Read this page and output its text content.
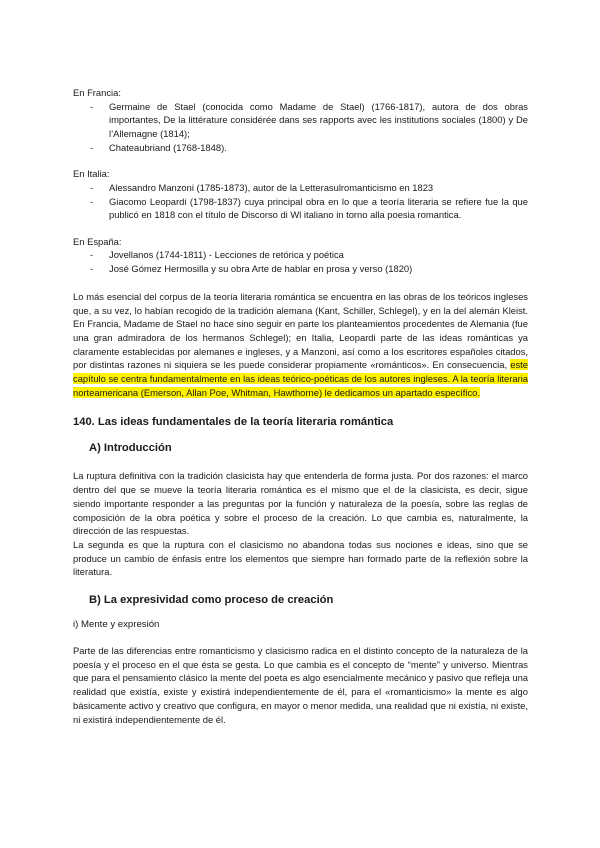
En Francia:
- Germaine de Stael (conocida como Madame de Stael) (1766-1817), autora de dos obras importantes, De la littérature considérée dans ses rapports avec les institutions sociales (1800) y De l’Allemagne (1814);
- Chateaubriand (1768-1848).
En Italia:
- Alessandro Manzoni (1785-1873), autor de la Letterasulromanticismo en 1823
- Giacomo Leopardi (1798-1837) cuya principal obra en lo que a teoría literaria se refiere fue la que publicó en 1818 con el título de Discorso di Wl italiano in torno alla poesia romantica.
En España:
- Jovellanos (1744-1811) - Lecciones de retórica y poética
- José Gómez Hermosilla y su obra Arte de hablar en prosa y verso (1820)

Lo más esencial del corpus de la teoría literaria romántica se encuentra en las obras de los teóricos ingleses que, a su vez, lo habían recogido de la tradición alemana (Kant, Schiller, Schlegel), y en la del alemán Kleist. En Francia, Madame de Stael no hace sino seguir en parte los planteamientos procedentes de Alemania (fue una gran admiradora de los hermanos Schlegel); en Italia, Leopardi parte de las ideas románticas ya claramente establecidas por alemanes e ingleses, y a Manzoni, así como a los escritores españoles citados, por distintas razones ni siquiera se les puede considerar propiamente «románticos». En consecuencia, este capítulo se centra fundamentalmente en las ideas teórico-poéticas de los autores ingleses. A la teoría literaria norteamericana (Emerson, Allan Poe, Whitman, Hawthorne) le dedicamos un apartado específico.

140. Las ideas fundamentales de la teoría literaria romántica
A) Introducción

La ruptura definitiva con la tradición clasicista hay que entenderla de forma justa. Por dos razones: el marco dentro del que se mueve la teoría literaria romántica es el mismo que el de la clasicista, es decir, sigue siendo importante responder a las preguntas por la función y naturaleza de la poesía, sobre las reglas de composición de la obra poética y sobre el proceso de la creación. Lo que cambia es, naturalmente, la dirección de las respuestas.

La segunda es que la ruptura con el clasicismo no abandona todas sus nociones e ideas, sino que se produce un cambio de énfasis entre los elementos que siempre han formado parte de la reflexión sobre la literatura.

B) La expresividad como proceso de creación
i) Mente y expresión

Parte de las diferencias entre romanticismo y clasicismo radica en el distinto concepto de la naturaleza de la poesía y el proceso en el que ésta se gesta. Lo que cambia es el concepto de “mente” y universo. Mientras que para el pensamiento clásico la mente del poeta es algo esencialmente mecánico y pasivo que refleja una realidad que existía, existe y existirá independientemente de él, para el «romanticismo» la mente es algo básicamente activo y creativo que configura, en mayor o menor medida, una realidad que ni existía, ni existe, ni existirá independientemente de él.
